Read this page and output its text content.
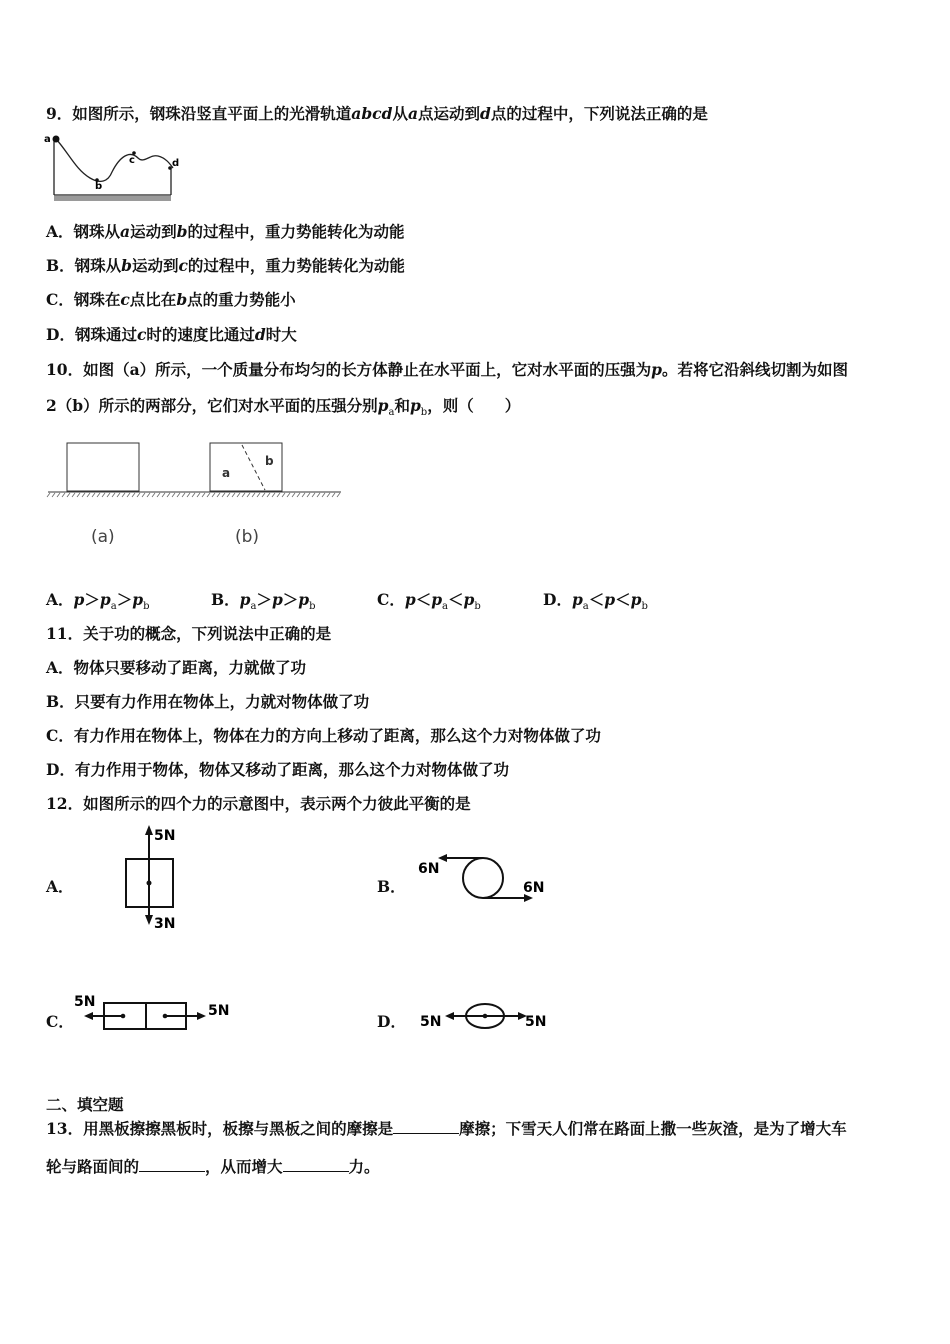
9．如图所示，钢珠沿竖直平面上的光滑轨道abcd从a点运动到d点的过程中，下列说法正确的是
a
b
c	d
A．钢珠从a运动到b的过程中，重力势能转化为动能
B．钢珠从b运动到c的过程中，重力势能转化为动能
C．钢珠在c点比在b点的重力势能小
D．钢珠通过c时的速度比通过d时大
10．如图（a）所示，一个质量分布均匀的长方体静止在水平面上，它对水平面的压强为p。若将它沿斜线切割为如图
2（b）所示的两部分，它们对水平面的压强分别$p_a$和$p_b$，则（　　）
a
b
(a)	(b)
A．$p>p_a>p_b$	B．$p_a>p>p_b$	C．$p<p_a<p_b$	D．$p_a<p<p_b$
11．关于功的概念，下列说法中正确的是
A．物体只要移动了距离，力就做了功
B．只要有力作用在物体上，力就对物体做了功
C．有力作用在物体上，物体在力的方向上移动了距离，那么这个力对物体做了功
D．有力作用于物体，物体又移动了距离，那么这个力对物体做了功
12．如图所示的四个力的示意图中，表示两个力彼此平衡的是
A．
5N
3N
B．
6N
6N
C．
5N
5N
D． 5N	5N
二、填空题
13．用黑板擦擦黑板时，板擦与黑板之间的摩擦是	摩擦；下雪天人们常在路面上撒一些灰渣，是为了增大车
轮与路面间的	，从而增大	力。
